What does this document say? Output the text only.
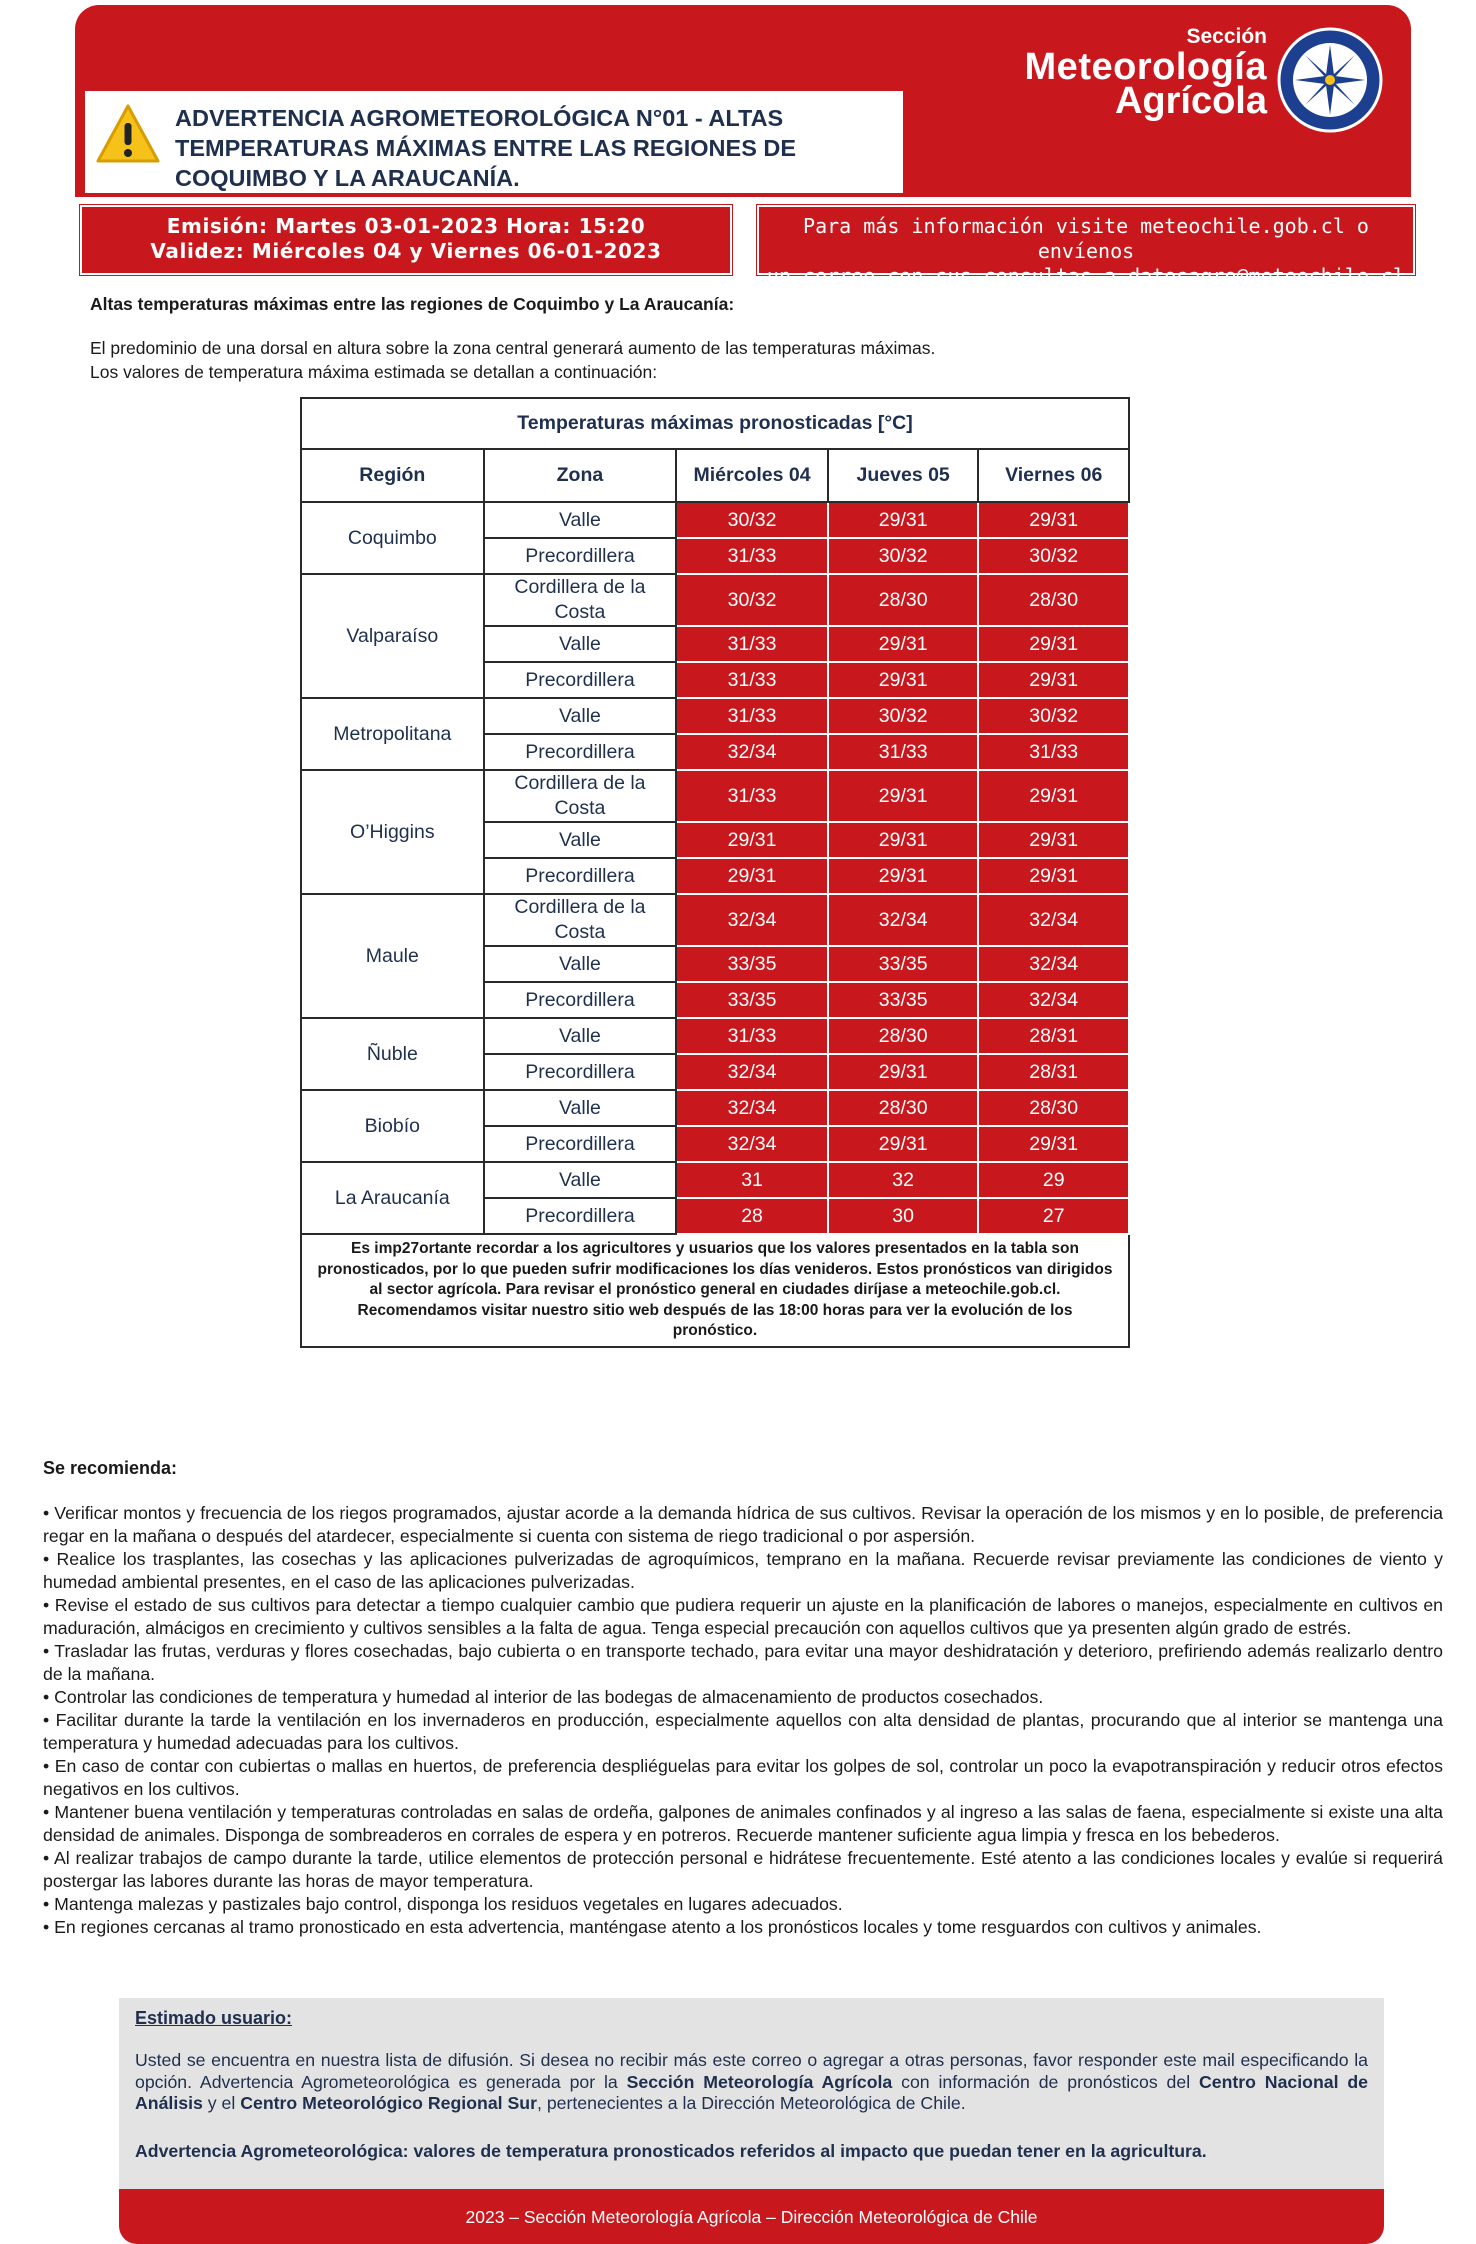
ADVERTENCIA AGROMETEOROLÓGICA N°01 - ALTAS TEMPERATURAS MÁXIMAS ENTRE LAS REGIONES DE COQUIMBO Y LA ARAUCANÍA.
Sección
Meteorología
Agrícola
Emisión: Martes 03-01-2023 Hora: 15:20
Validez: Miércoles 04 y Viernes 06-01-2023
Para más información visite meteochile.gob.cl o envíenos
un correo con sus consultas a datosagro@meteochile.cl
Altas temperaturas máximas entre las regiones de Coquimbo y La Araucanía:
El predominio de una dorsal en altura sobre la zona central generará aumento de las temperaturas máximas.
Los valores de temperatura máxima estimada se detallan a continuación:
Temperaturas máximas pronosticadas [°C]				
Región	Zona	Miércoles 04	Jueves 05	Viernes 06
Coquimbo	Valle	30/32	29/31	29/31
	Precordillera	31/33	30/32	30/32
Valparaíso	Cordillera de la Costa	30/32	28/30	28/30
	Valle	31/33	29/31	29/31
	Precordillera	31/33	29/31	29/31
Metropolitana	Valle	31/33	30/32	30/32
	Precordillera	32/34	31/33	31/33
O’Higgins	Cordillera de la Costa	31/33	29/31	29/31
	Valle	29/31	29/31	29/31
	Precordillera	29/31	29/31	29/31
Maule	Cordillera de la Costa	32/34	32/34	32/34
	Valle	33/35	33/35	32/34
	Precordillera	33/35	33/35	32/34
Ñuble	Valle	31/33	28/30	28/31
	Precordillera	32/34	29/31	28/31
Biobío	Valle	32/34	28/30	28/30
	Precordillera	32/34	29/31	29/31
La Araucanía	Valle	31	32	29
	Precordillera	28	30	27
Es imp27ortante recordar a los agricultores y usuarios que los valores presentados en la tabla son pronosticados, por lo que pueden sufrir modificaciones los días venideros. Estos pronósticos van dirigidos al sector agrícola. Para revisar el pronóstico general en ciudades diríjase a meteochile.gob.cl. Recomendamos visitar nuestro sitio web después de las 18:00 horas para ver la evolución de los pronóstico.				
Se recomienda:

• Verificar montos y frecuencia de los riegos programados, ajustar acorde a la demanda hídrica de sus cultivos. Revisar la operación de los mismos y en lo posible, de preferencia regar en la mañana o después del atardecer, especialmente si cuenta con sistema de riego tradicional o por aspersión.

• Realice los trasplantes, las cosechas y las aplicaciones pulverizadas de agroquímicos, temprano en la mañana. Recuerde revisar previamente las condiciones de viento y humedad ambiental presentes, en el caso de las aplicaciones pulverizadas.

• Revise el estado de sus cultivos para detectar a tiempo cualquier cambio que pudiera requerir un ajuste en la planificación de labores o manejos, especialmente en cultivos en maduración, almácigos en crecimiento y cultivos sensibles a la falta de agua. Tenga especial precaución con aquellos cultivos que ya presenten algún grado de estrés.

• Trasladar las frutas, verduras y flores cosechadas, bajo cubierta o en transporte techado, para evitar una mayor deshidratación y deterioro, prefiriendo además realizarlo dentro de la mañana.

• Controlar las condiciones de temperatura y humedad al interior de las bodegas de almacenamiento de productos cosechados.

• Facilitar durante la tarde la ventilación en los invernaderos en producción, especialmente aquellos con alta densidad de plantas, procurando que al interior se mantenga una temperatura y humedad adecuadas para los cultivos.

• En caso de contar con cubiertas o mallas en huertos, de preferencia despliéguelas para evitar los golpes de sol, controlar un poco la evapotranspiración y reducir otros efectos negativos en los cultivos.

• Mantener buena ventilación y temperaturas controladas en salas de ordeña, galpones de animales confinados y al ingreso a las salas de faena, especialmente si existe una alta densidad de animales. Disponga de sombreaderos en corrales de espera y en potreros. Recuerde mantener suficiente agua limpia y fresca en los bebederos.

• Al realizar trabajos de campo durante la tarde, utilice elementos de protección personal e hidrátese frecuentemente. Esté atento a las condiciones locales y evalúe si requerirá postergar las labores durante las horas de mayor temperatura.

• Mantenga malezas y pastizales bajo control, disponga los residuos vegetales en lugares adecuados.

• En regiones cercanas al tramo pronosticado en esta advertencia, manténgase atento a los pronósticos locales y tome resguardos con cultivos y animales.

Estimado usuario:
Usted se encuentra en nuestra lista de difusión. Si desea no recibir más este correo o agregar a otras personas, favor responder este mail especificando la opción. Advertencia Agrometeorológica es generada por la Sección Meteorología Agrícola con información de pronósticos del Centro Nacional de Análisis y el Centro Meteorológico Regional Sur, pertenecientes a la Dirección Meteorológica de Chile.
Advertencia Agrometeorológica: valores de temperatura pronosticados referidos al impacto que puedan tener en la agricultura.
2023 – Sección Meteorología Agrícola – Dirección Meteorológica de Chile
